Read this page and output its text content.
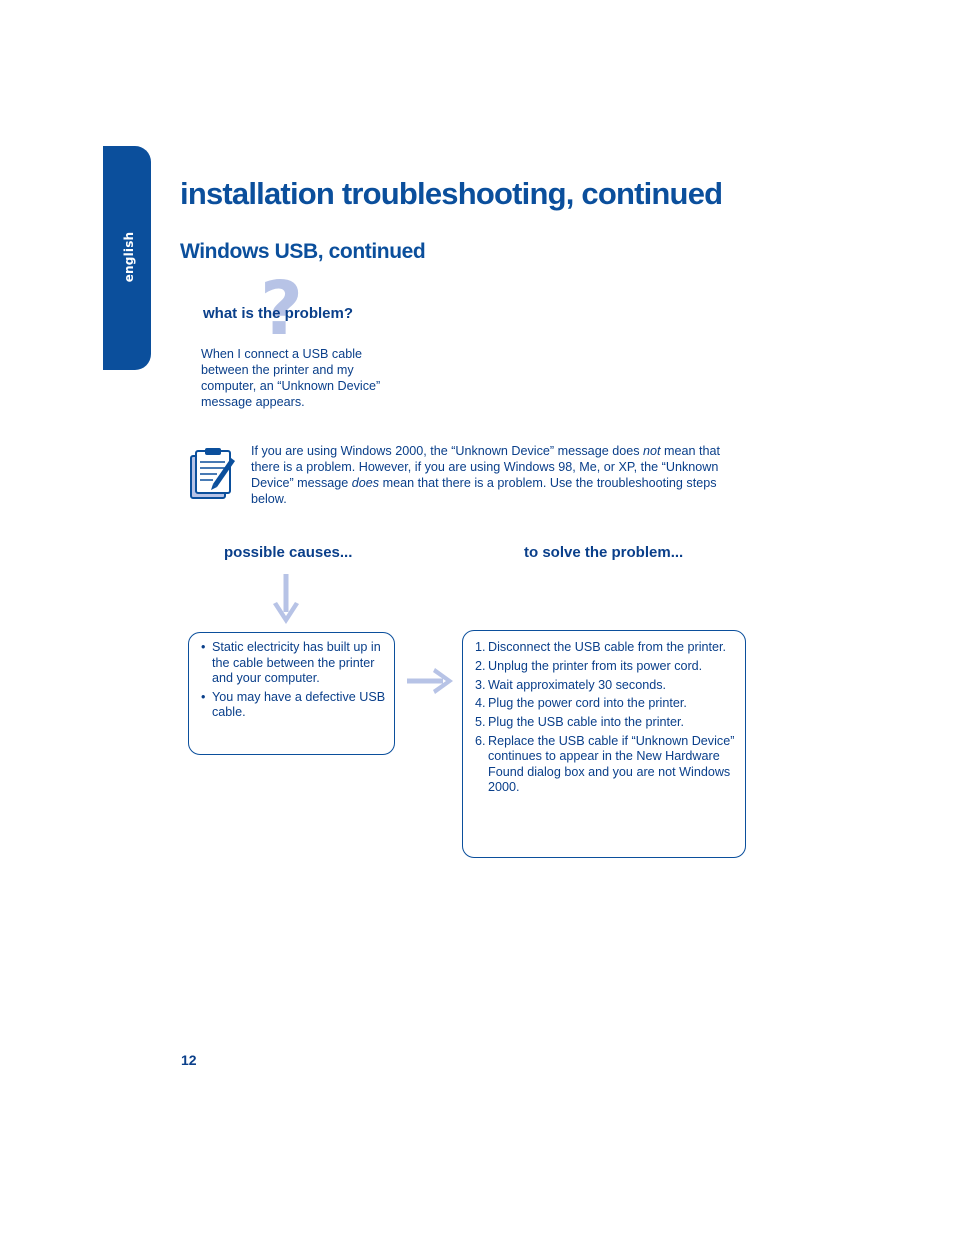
english
installation troubleshooting, continued
Windows USB, continued
?
what is the problem?

When I connect a USB cable between the printer and my computer, an “Unknown Device” message appears.

If you are using Windows 2000, the “Unknown Device” message does not mean that there is a problem. However, if you are using Windows 98, Me, or XP, the “Unknown Device” message does mean that there is a problem. Use the troubleshooting steps below.

possible causes...	to solve the problem...
• Static electricity has built up in the cable between the printer and your computer.
• You may have a defective USB cable.
1. Disconnect the USB cable from the printer.
2. Unplug the printer from its power cord.
3. Wait approximately 30 seconds.
4. Plug the power cord into the printer.
5. Plug the USB cable into the printer.
6. Replace the USB cable if “Unknown Device” continues to appear in the New Hardware Found dialog box and you are not Windows 2000.

12
